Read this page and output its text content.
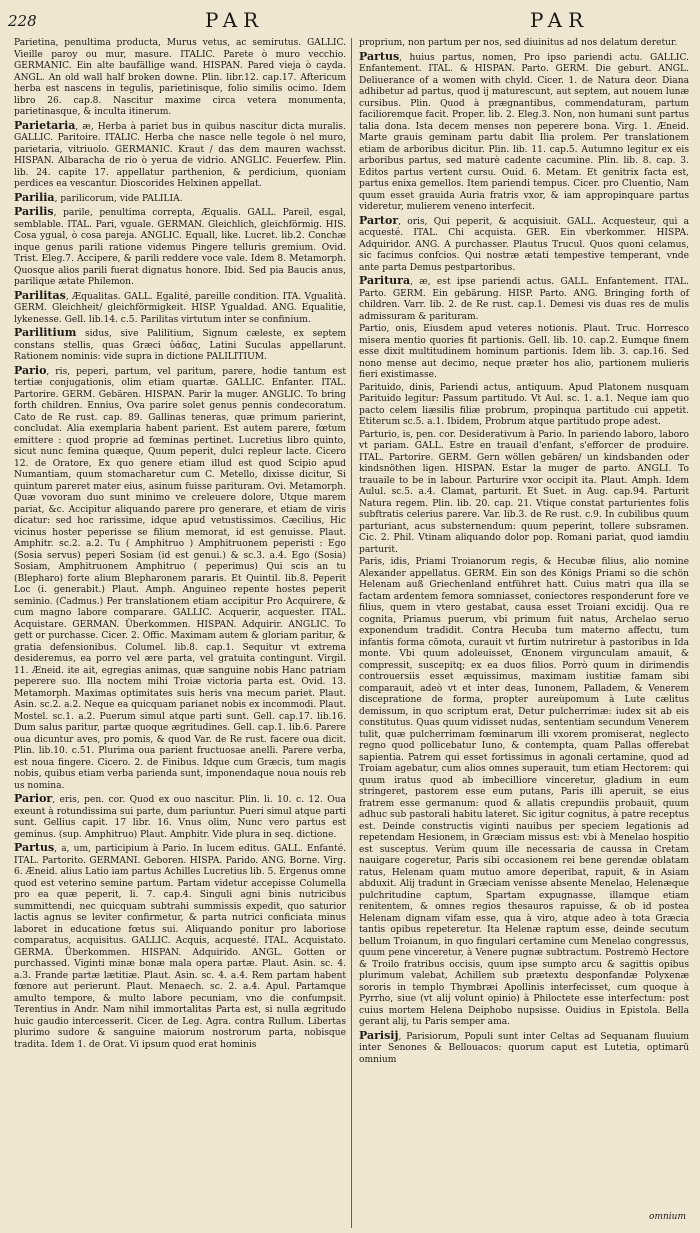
228	PAR	PAR

Parietina, penultima producta, Murus vetus, ac semirutus. GALLIC. Vieille paroy ou mur, masure. ITALIC. Parete ò muro vecchio. GERMANIC. Ein alte baufällige wand. HISPAN. Pared vieja ò cayda. ANGL. An old wall half broken downe. Plin. libr.12. cap.17. Aftericum herba est nascens in tegulis, parietinisque, folio similis ocimo. Idem libro 26. cap.8. Nascitur maxime circa vetera monumenta, parietinasque, & inculta itinerum.

Parietaria, æ, Herba à pariet bus in quibus nascitur dicta muralis. GALLIC. Paritoire. ITALIC. Herba che nasce nelle tegole ò nel muro, parietaria, vitriuolo. GERMANIC. Kraut / das dem mauren wachsst. HISPAN. Albaracha de rio ò yerua de vidrio. ANGLIC. Feuerfew. Plin. lib. 24. capite 17. appellatur parthenion, & perdicium, quoniam perdices ea vescantur. Dioscorides Helxinen appellat.

Parilia, parilicorum, vide PALILIA.

Parilis, parile, penultima correpta, Æqualis. GALL. Pareil, esgal, semblable. ITAL. Pari, vguale. GERMAN. Gleichlich, gleichförmig. HIS. Cosa ygual, ò cosa pareja. ANGLIC. Equall, like. Lucret. lib.2. Conchæ inque genus parili ratione videmus Pingere telluris gremium. Ovid. Trist. Eleg.7. Accipere, & parili reddere voce vale. Idem 8. Metamorph. Quosque alios parili fuerat dignatus honore. Ibid. Sed pia Baucis anus, parilique ætate Philemon.

Parilitas, Æqualitas. GALL. Egalité, pareille condition. ITA. Vgualità. GERM. Gleichheit/ gleichförmigkeit. HISP. Ygualdad. ANG. Equalitie, lykenesse. Gell. lib.14. c.5. Parilitas virtutum inter se confinium.

Parilitium sidus, sive Palilitium, Signum cæleste, ex septem constans stellis, quas Græci ὑάδας, Latini Suculas appellarunt. Rationem nominis: vide supra in dictione PALILITIUM.

Pario, ris, peperi, partum, vel paritum, parere, hodie tantum est tertiæ conjugationis, olim etiam quartæ. GALLIC. Enfanter. ITAL. Partorire. GERM. Gebären. HISPAN. Parir la muger. ANGLIC. To bring forth children. Ennius, Ova parire solet genus pennis condecoratum. Cato de Re rust. cap. 89. Gallinas teneras, quæ primum parierint, concludat. Alia exemplaria habent parient. Est autem parere, fœtum emittere : quod proprie ad fœminas pertinet. Lucretius libro quinto, sicut nunc femina quæque, Quum peperit, dulci repleur lacte. Cicero 12. de Oratore, Ex quo genere etiam illud est quod Scipio apud Numantiam, quum stomacharetur cum C. Metello, dixisse dicitur, Si quintum pareret mater eius, asinum fuisse parituram. Ovi. Metamorph. Quæ vovoram duo sunt minimo ve creleuere dolore, Utque marem pariat, &c. Accipitur aliquando parere pro generare, et etiam de viris dicatur: sed hoc rarissime, idque apud vetustissimos. Cæcilius, Hic vicinus hoster peperisse se filium memorat, id est genuisse. Plaut. Amphitr. sc.2. a.2. Tu ( Amphitruo ) Amphitruonem peperisti : Ego (Sosia servus) peperi Sosiam (id est genui.) & sc.3. a.4. Ego (Sosia) Sosiam, Amphitruonem Amphitruo ( peperimus) Qui scis an tu (Blepharo) forte alium Blepharonem pararis. Et Quintil. lib.8. Peperit Loc (i. generabit.) Plaut. Amph. Anguineo repente hostes peperit seminio. (Cadmus.) Per translationem etiam accipitur Pro Acquirere, & cum magno labore comparare. GALLIC. Acquerir, acquester. ITAL. Acquistare. GERMAN. Überkommen. HISPAN. Adquirir. ANGLIC. To gett or purchasse. Cicer. 2. Offic. Maximam autem & gloriam paritur, & gratia defensionibus. Columel. lib.8. cap.1. Sequitur vt extrema desideremus, ea porro vel ære parta, vel gratuita contingunt. Virgil. 11. Æneid. ite ait, egregias animas, quæ sanguine nobis Hanc patriam peperere suo. Illa noctem mihi Troiæ victoria parta est. Ovid. 13. Metamorph. Maximas optimitates suis heris vna mecum pariet. Plaut. Asin. sc.2. a.2. Neque ea quicquam parianet nobis ex incommodi. Plaut. Mostel. sc.1. a.2. Puerum simul atque parti sunt. Gell. cap.17. lib.16. Dum salus paritur, partæ quoque ægritudines. Gell. cap.1. lib.6. Parere oua dicuntur aves, pro pomis, & quod Var. de Re rust. facere oua dicit. Plin. lib.10. c.51. Plurima oua parient fructuosae anelli. Parere verba, est noua fingere. Cicero. 2. de Finibus. Idque cum Græcis, tum magis nobis, quibus etiam verba parienda sunt, imponendaque noua nouis reb us nomina.

Parior, eris, pen. cor. Quod ex ouo nascitur. Plin. li. 10. c. 12. Oua exeunt à rotundissima sui parte, dum pariuntur. Pueri simul atque parti sunt. Gellius capit. 17 libr. 16. Vnus olim, Nunc vero partus est geminus. (sup. Amphitruo) Plaut. Amphitr. Vide plura in seq. dictione.

Partus, a, um, participium à Pario. In lucem editus. GALL. Enfanté. ITAL. Partorito. GERMANI. Geboren. HISPA. Parido. ANG. Borne. Virg. 6. Æneid. alius Latio iam partus Achilles Lucretius lib. 5. Ergenus omne quod est veterino semine partum. Partam videtur accepisse Columella pro ea quæ peperit, li. 7. cap.4. Singuli agni binis nutricibus summittendi, nec quicquam subtrahi summissis expedit, quo saturior lactis agnus se leviter confirmetur, & parta nutrici conficiata minus laboret in educatione fœtus sui. Aliquando ponitur pro laboriose comparatus, acquisitus. GALLIC. Acquis, acquesté. ITAL. Acquistato. GERMA. Überkommen. HISPAN. Adquirido. ANGL. Gotten or purchassed. Viginti minæ bonæ mala opera partæ. Plaut. Asin. sc. 4. a.3. Frande partæ lætitiæ. Plaut. Asin. sc. 4. a.4. Rem partam habent fœnore aut perierunt. Plaut. Menaech. sc. 2. a.4. Apul. Partamque amulto tempore, & multo labore pecuniam, vno die confumpsit. Terentius in Andr. Nam nihil immortalitas Parta est, si nulla ægritudo huic gaudio intercesserit. Cicer. de Leg. Agra. contra Rullum. Libertas plurimo sudore & sanguine maiorum nostrorum parta, nobisque tradita. Idem 1. de Orat. Vi ipsum quod erat hominis

proprium, non partum per nos, sed diuinitus ad nos delatum deretur.

Partus, huius partus, nomen, Pro ipso pariendi actu. GALLIC. Enfantement. ITAL. & HISPAN. Parto. GERM. Die geburt. ANGL. Deliuerance of a women with chyld. Cicer. 1. de Natura deor. Diana adhibetur ad partus, quod ij maturescunt, aut septem, aut nouem lunæ cursibus. Plin. Quod à prægnantibus, commendaturam, partum facilioremque facit. Proper. lib. 2. Eleg.3. Non, non humani sunt partus talia dona. Ista decem menses non peperere bona. Virg. 1. Æneid. Marte grauis geminam partu dabit Ilia prolem. Per translationem etiam de arboribus dicitur. Plin. lib. 11. cap.5. Autumno legitur ex eis arboribus partus, sed maturè cadente cacumine. Plin. lib. 8. cap. 3. Editos partus vertent cursu. Ouid. 6. Metam. Et genitrix facta est, partus enixa gemellos. Item pariendi tempus. Cicer. pro Cluentio, Nam quum esset grauida Auria fratris vxor, & iam appropinquare partus videretur, mulierem veneno interfecit.

Partor, oris, Qui peperit, & acquisiuit. GALL. Acquesteur, qui a acquesté. ITAL. Chi acquista. GER. Ein vberkommer. HISPA. Adquiridor. ANG. A purchasser. Plautus Trucul. Quos quoni celamus, sic facimus confcios. Qui nostræ ætati tempestive temperant, vnde ante parta Demus pestpartoribus.

Paritura, æ, est ipse pariendi actus. GALL. Enfantement. ITAL. Parto. GERM. Ein gebärung. HISP. Parto. ANG. Bringing forth of children. Varr. lib. 2. de Re rust. cap.1. Demesi vis duas res de mulis admissuram & parituram.

Partio, onis, Eiusdem apud veteres notionis. Plaut. Truc. Horresco misera mentio quories fit partionis. Gell. lib. 10. cap.2. Eumque finem esse dixit multitudinem hominum partionis. Idem lib. 3. cap.16. Sed nono mense aut decimo, neque præter hos alio, partionem mulieris fieri existimasse.

Parituido, dinis, Pariendi actus, antiquum. Apud Platonem nusquam Parituido legitur: Passum partitudo. Vt Aul. sc. 1. a.1. Neque iam quo pacto celem liæsilis filiæ probrum, propinqua partitudo cui appetit. Etiterum sc.5. a.1. Ibidem, Probrum atque partitudo prope adest.

Parturio, is, pen. cor. Desiderativum à Pario. In pariendo laboro, laboro vt pariam. GALL. Estre en trauail d'enfant, s'efforcer de produire. ITAL. Partorire. GERM. Gern wöllen gebären/ un kindsbanden oder kindsnöthen ligen. HISPAN. Estar la muger de parto. ANGLI. To trauaile to be in labour. Parturire vxor occipit ita. Plaut. Amph. Idem Aulul. sc.5. a.4. Clamat, parturit. Et Suet. in Aug. cap.94. Parturit Natura regem. Plin. lib. 20. cap. 21. Vtique constat parturientes folis subftratis celerius parere. Var. lib.3. de Re rust. c.9. In cubilibus quum parturiant, acus substernendum: quum peperint, tollere subsramen. Cic. 2. Phil. Vtinam aliquando dolor pop. Romani pariat, quod iamdiu parturit.

Paris, idis, Priami Troianorum regis, & Hecubæ filius, alio nomine Alexander appellatus. GERM. Ein son des Königs Priami so die schön Helenam auß Griechenland entführet hatt. Cuius matri qua illa se factam ardentem femora somniasset, coniectores responderunt fore ve filius, quem in vtero gestabat, causa esset Troiani excidij. Qua re cognita, Priamus puerum, vbi primum fuit natus, Archelao seruo exponendum tradidit. Contra Hecuba tum materno affectu, tum infantis forma cōmota, curauit vt furtim nutriretur à pastoribus in Ida monte. Vbi quum adoleuisset, Œnonem virgunculam amauit, & compressit, suscepitq; ex ea duos filios. Porrò quum in dirimendis controuersiis esset æquissimus, maximam iustitiæ famam sibi comparauit, adeò vt et inter deas, Iunonem, Palladem, & Venerem discepratione de forma, propter aureùpomum à Lute cælitus demissum, in quo scriptum erat, Detur pulcherrimæ: iudex sit ab eis constitutus. Quas quum vidisset nudas, sententiam secundum Venerem tulit, quæ pulcherrimam fœminarum illi vxorem promiserat, neglecto regno quod pollicebatur Iuno, & contempta, quam Pallas offerebat sapientia. Patrem qui esset fortissimus in agonali certamine, quod ad Troiam agebatur, cum alios omnes superauit, tum etiam Hectorem: qui quum iratus quod ab imbecilliore vinceretur, gladium in eum stringeret, pastorem esse eum putans, Paris illi aperuit, se eius fratrem esse germanum: quod & allatis crepundiis probauit, quum adhuc sub pastorali habitu lateret. Sic igitur cognitus, à patre receptus est. Deinde constructis viginti nauibus per speciem legationis ad repetendam Hesionem, in Græciam missus est: vbi à Menelao hospitio est susceptus. Verùm quum ille necessaria de caussa in Cretam nauigare cogeretur, Paris sibi occasionem rei bene gerendæ oblatam ratus, Helenam quam mutuo amore deperibat, rapuit, & in Asiam abduxit. Alij tradunt in Græciam venisse absente Menelao, Helenæque pulchritudine captum, Spartam expugnasse, illamque etiam renitentem, & omnes regios thesauros rapuisse, & ob id postea Helenam dignam vifam esse, qua à viro, atque adeo à tota Græcia tantis opibus repeteretur. Ita Helenæ raptum esse, deinde secutum bellum Troianum, in quo fingulari certamine cum Menelao congressus, quum pene vinceretur, à Venere pugnæ subtractum. Postremò Hectore & Troilo fratribus occisis, quum ipse sumpto arcu & sagittis opibus plurimum valebat, Achillem sub prætextu desponfandæ Polyxenæ sororis in templo Thymbræi Apollinis interfecisset, cum quoque à Pyrrho, siue (vt alij volunt opinio) à Philoctete esse interfectum: post cuius mortem Helena Deiphobo nupsisse. Ouidius in Epistola. Bella gerant alij, tu Paris semper ama.

Parisij, Parisiorum, Populi sunt inter Celtas ad Sequanam fluuium inter Senones & Bellouacos: quorum caput est Lutetia, optimarū omnium

omnium
